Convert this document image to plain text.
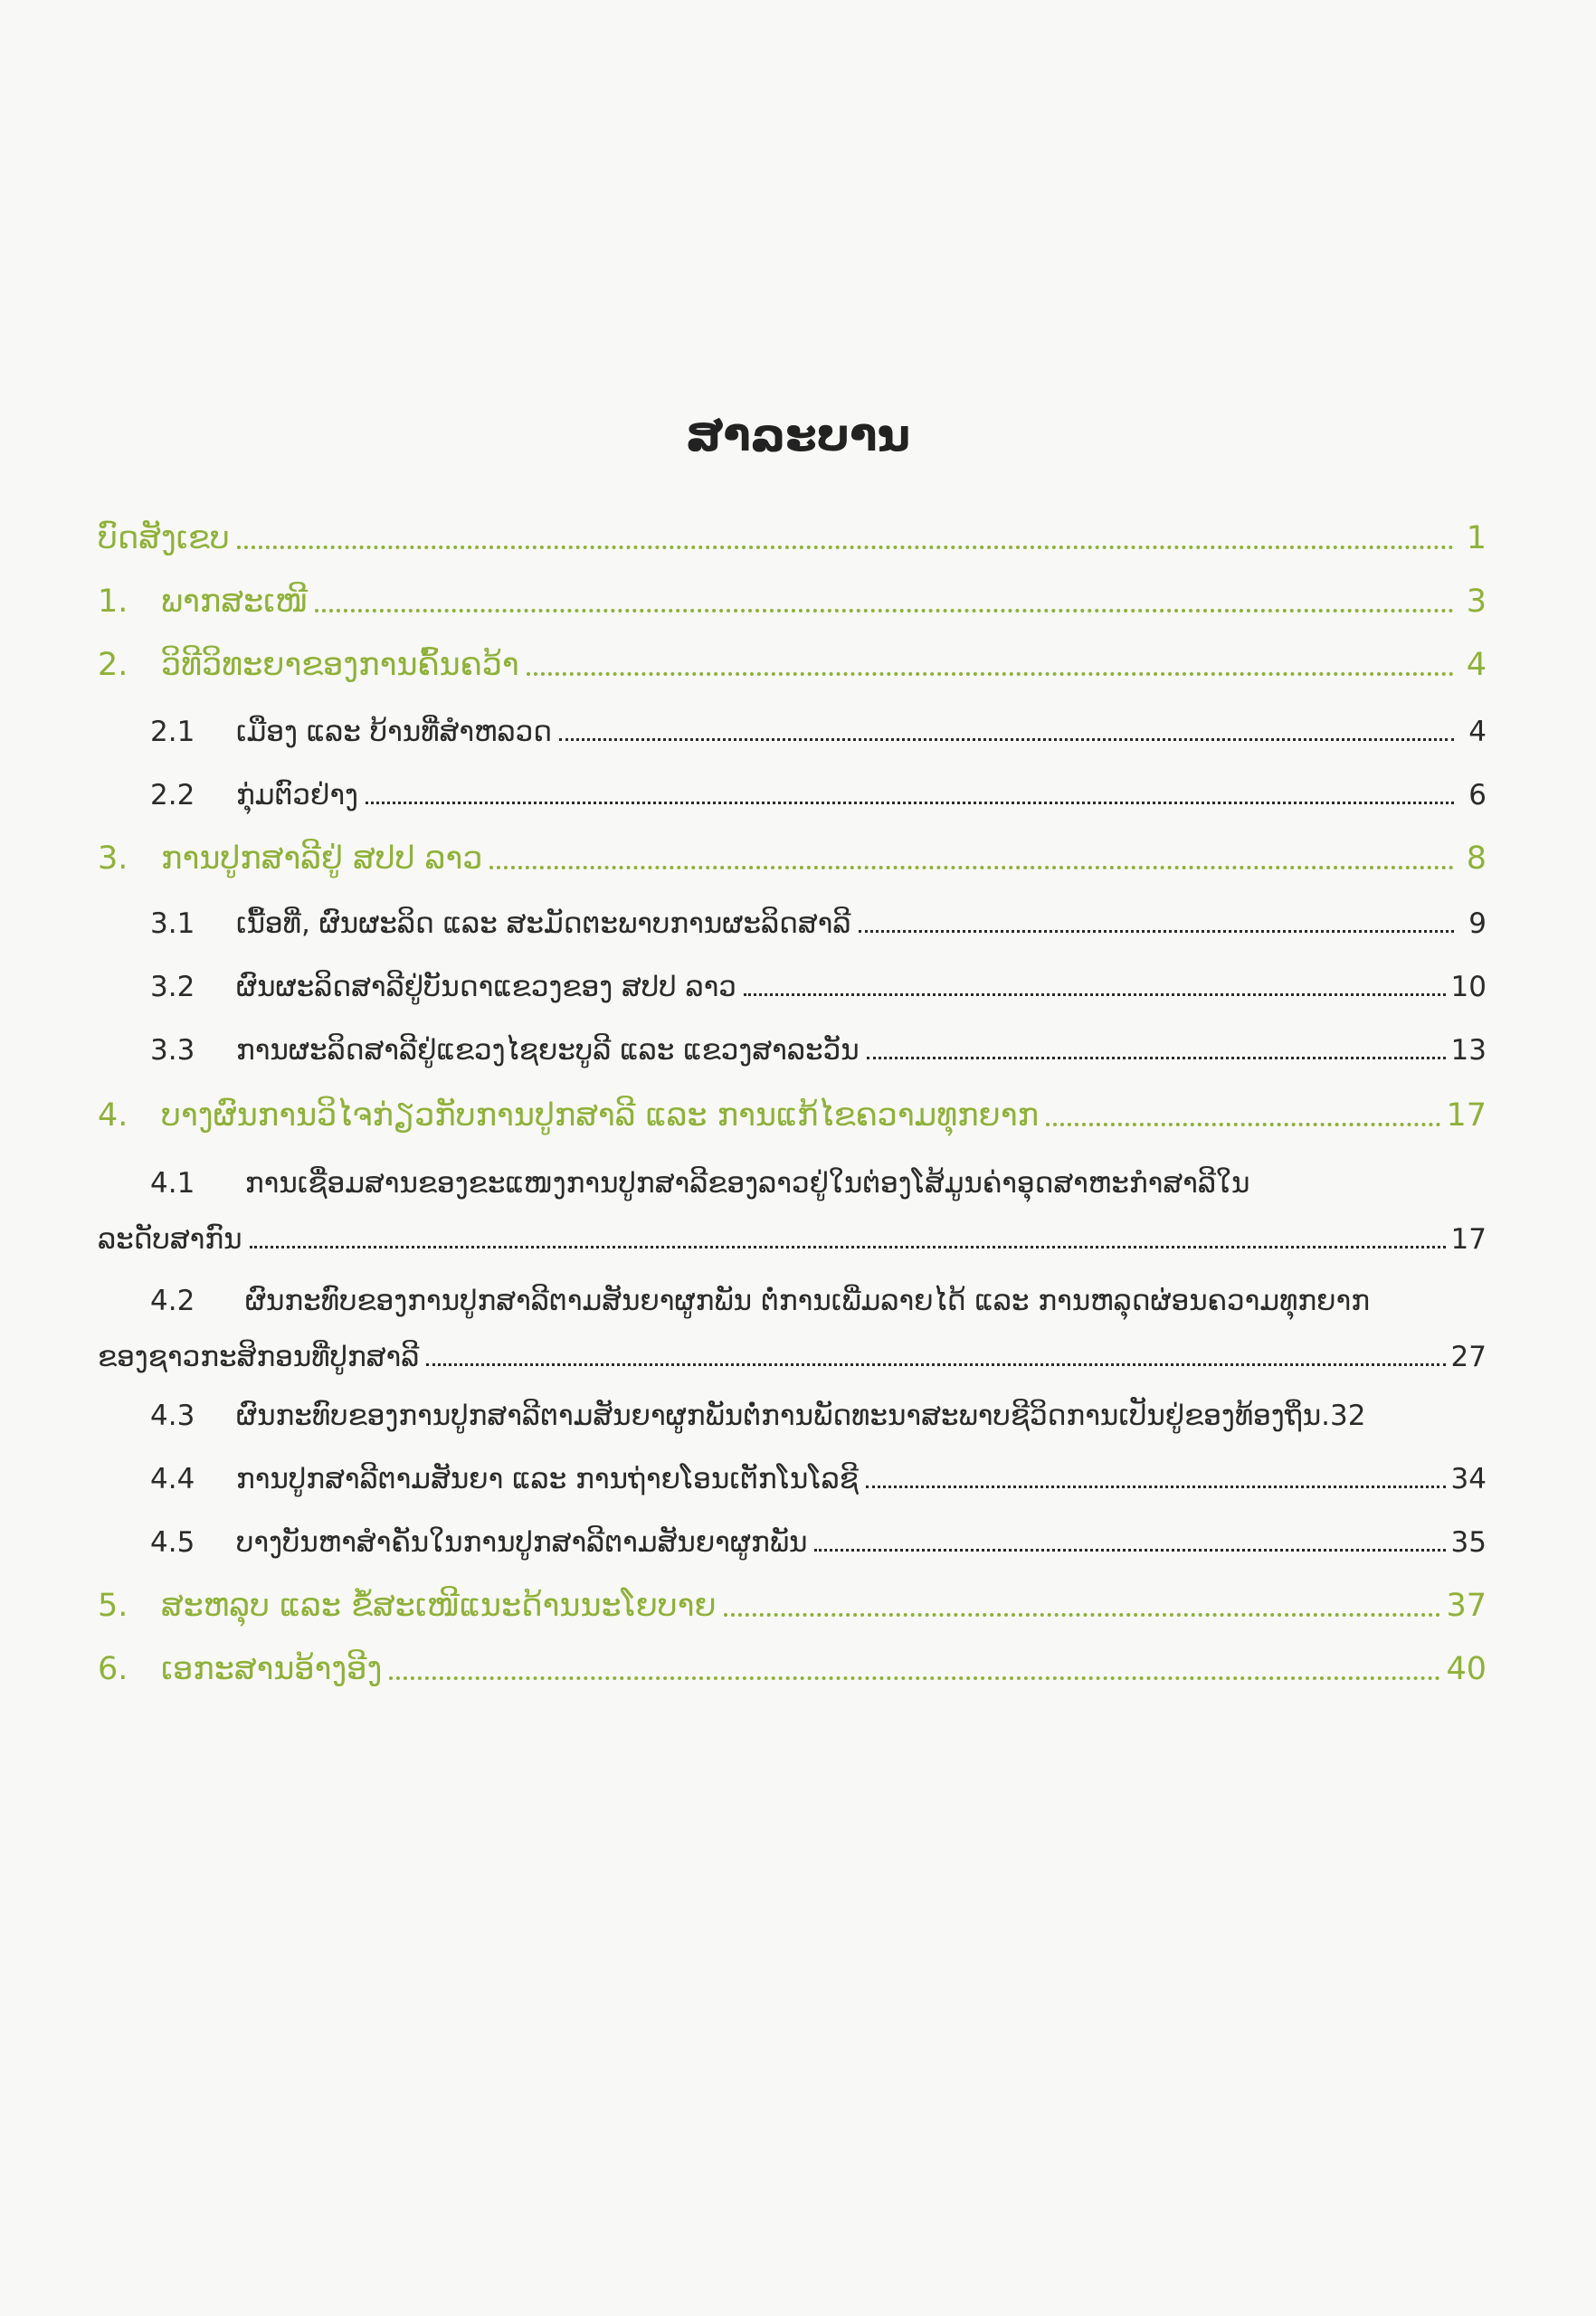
ສາລະບານ
ບົດສັງເຂບ	1
1.	ພາກສະເໜີ	3
2.	ວິທີວິທະຍາຂອງການຄົ້ນຄວ້າ	4
2.1	ເມືອງ ແລະ ບ້ານທີ່ສໍາຫລວດ	4
2.2	ກຸ່ມຕົວຢ່າງ	6
3.	ການປູກສາລີຢູ່ ສປປ ລາວ	8
3.1	ເນື້ອທີ່, ຜົນຜະລິດ ແລະ ສະມັດຕະພາບການຜະລິດສາລີ	9
3.2	ຜົນຜະລິດສາລີຢູ່ບັນດາແຂວງຂອງ ສປປ ລາວ	10
3.3	ການຜະລິດສາລີຢູ່ແຂວງໄຊຍະບູລີ ແລະ ແຂວງສາລະວັນ	13
4.	ບາງຜົນການວິໄຈກ່ຽວກັບການປູກສາລີ ແລະ ການແກ້ໄຂຄວາມທຸກຍາກ	17
4.1 ການເຊື່ອມສານຂອງຂະແໜງການປູກສາລີຂອງລາວຢູ່ໃນຕ່ອງໂສ້ມູນຄ່າອຸດສາຫະກໍາສາລີໃນ
ລະດັບສາກົນ	17
4.2 ຜົນກະທົບຂອງການປູກສາລີຕາມສັນຍາຜູກພັນ ຕໍ່ການເພີ່ມລາຍໄດ້ ແລະ ການຫລຸດຜ່ອນຄວາມທຸກຍາກ
ຂອງຊາວກະສິກອນທີ່ປູກສາລີ	27
4.3	ຜົນກະທົບຂອງການປູກສາລີຕາມສັນຍາຜູກພັນຕໍ່ການພັດທະນາສະພາບຊີວິດການເປັນຢູ່ຂອງທ້ອງຖິ່ນ. 32
4.4	ການປູກສາລີຕາມສັນຍາ ແລະ ການຖ່າຍໂອນເຕັກໂນໂລຊີ	34
4.5	ບາງບັນຫາສໍາຄັນໃນການປູກສາລີຕາມສັນຍາຜູກພັນ	35
5.	ສະຫລຸບ ແລະ ຂໍ້ສະເໜີແນະດ້ານນະໂຍບາຍ	37
6.	ເອກະສານອ້າງອີງ	40
